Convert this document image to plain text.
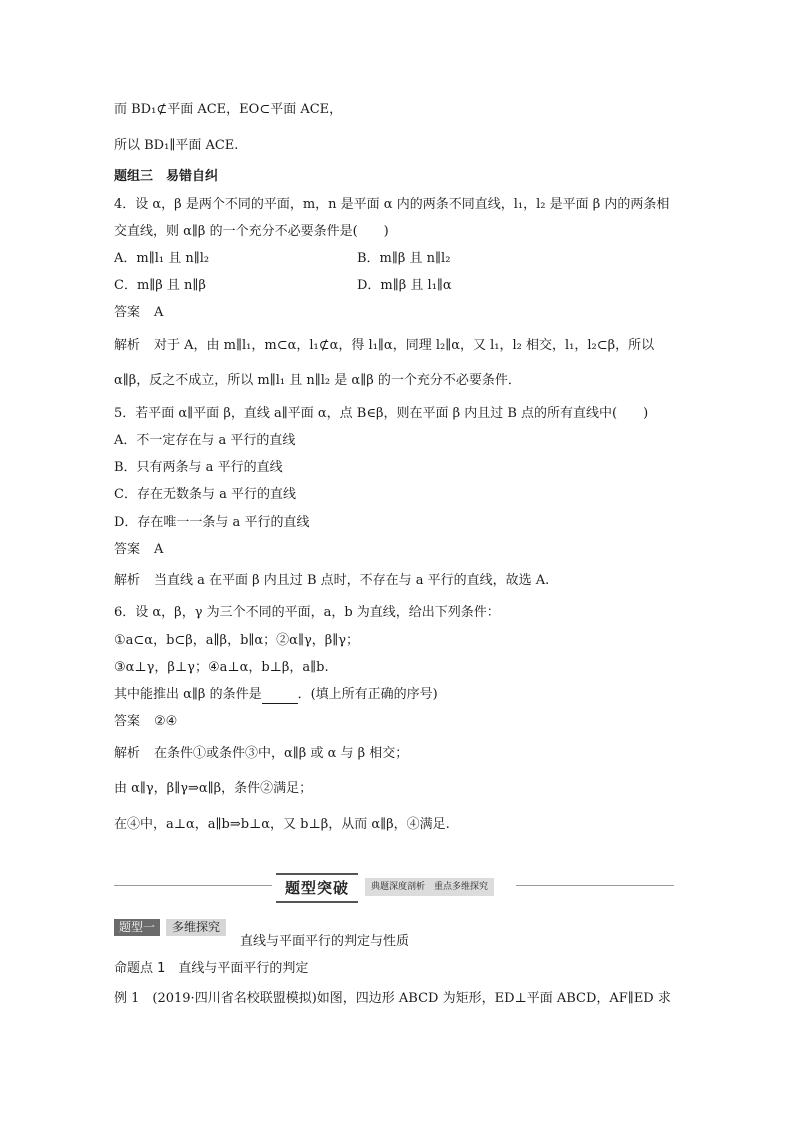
而 BD₁⊄平面 ACE，EO⊂平面 ACE，
所以 BD₁∥平面 ACE.
题组三　易错自纠
4．设 α，β 是两个不同的平面，m，n 是平面 α 内的两条不同直线，l₁，l₂ 是平面 β 内的两条相
交直线，则 α∥β 的一个充分不必要条件是(　　)
A．m∥l₁ 且 n∥l₂	B．m∥β 且 n∥l₂
C．m∥β 且 n∥β	D．m∥β 且 l₁∥α
答案 A
解析 对于 A，由 m∥l₁，m⊂α，l₁⊄α，得 l₁∥α，同理 l₂∥α，又 l₁，l₂ 相交，l₁，l₂⊂β，所以
α∥β，反之不成立，所以 m∥l₁ 且 n∥l₂ 是 α∥β 的一个充分不必要条件．
5．若平面 α∥平面 β，直线 a∥平面 α，点 B∈β，则在平面 β 内且过 B 点的所有直线中(　　)
A．不一定存在与 a 平行的直线
B．只有两条与 a 平行的直线
C．存在无数条与 a 平行的直线
D．存在唯一一条与 a 平行的直线
答案 A
解析 当直线 a 在平面 β 内且过 B 点时，不存在与 a 平行的直线，故选 A.
6．设 α，β，γ 为三个不同的平面，a，b 为直线，给出下列条件：
①a⊂α，b⊂β，a∥β，b∥α；②α∥γ，β∥γ；
③α⊥γ，β⊥γ；④a⊥α，b⊥β，a∥b.
其中能推出 α∥β 的条件是	．(填上所有正确的序号)
答案 ②④
解析 在条件①或条件③中，α∥β 或 α 与 β 相交；
由 α∥γ，β∥γ⇒α∥β，条件②满足；
在④中，a⊥α，a∥b⇒b⊥α，又 b⊥β，从而 α∥β，④满足.
题型突破	典题深度剖析　重点多维探究
题型一	多维探究
直线与平面平行的判定与性质
命题点 1　直线与平面平行的判定
例 1　(2019·四川省名校联盟模拟)如图，四边形 ABCD 为矩形，ED⊥平面 ABCD，AF∥ED 求
